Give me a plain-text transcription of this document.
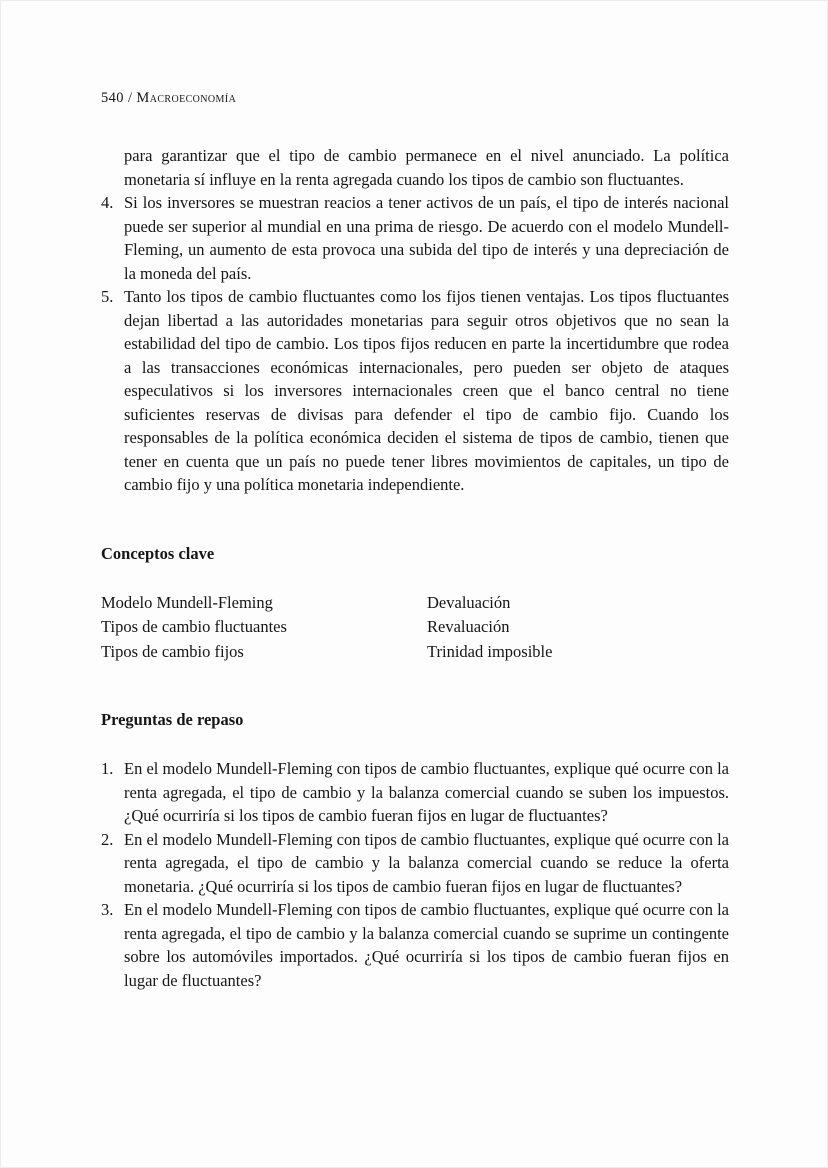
540 / Macroeconomía

para garantizar que el tipo de cambio permanece en el nivel anunciado. La política monetaria sí influye en la renta agregada cuando los tipos de cambio son fluctuantes.

4. Si los inversores se muestran reacios a tener activos de un país, el tipo de interés nacional puede ser superior al mundial en una prima de riesgo. De acuerdo con el modelo Mundell-Fleming, un aumento de esta provoca una subida del tipo de interés y una depreciación de la moneda del país.

5. Tanto los tipos de cambio fluctuantes como los fijos tienen ventajas. Los tipos fluctuantes dejan libertad a las autoridades monetarias para seguir otros objetivos que no sean la estabilidad del tipo de cambio. Los tipos fijos reducen en parte la incertidumbre que rodea a las transacciones económicas internacionales, pero pueden ser objeto de ataques especulativos si los inversores internacionales creen que el banco central no tiene suficientes reservas de divisas para defender el tipo de cambio fijo. Cuando los responsables de la política económica deciden el sistema de tipos de cambio, tienen que tener en cuenta que un país no puede tener libres movimientos de capitales, un tipo de cambio fijo y una política monetaria independiente.

Conceptos clave
Modelo Mundell-Fleming	Devaluación
Tipos de cambio fluctuantes	Revaluación
Tipos de cambio fijos	Trinidad imposible
Preguntas de repaso
1. En el modelo Mundell-Fleming con tipos de cambio fluctuantes, explique qué ocurre con la renta agregada, el tipo de cambio y la balanza comercial cuando se suben los impuestos. ¿Qué ocurriría si los tipos de cambio fueran fijos en lugar de fluctuantes?

2. En el modelo Mundell-Fleming con tipos de cambio fluctuantes, explique qué ocurre con la renta agregada, el tipo de cambio y la balanza comercial cuando se reduce la oferta monetaria. ¿Qué ocurriría si los tipos de cambio fueran fijos en lugar de fluctuantes?

3. En el modelo Mundell-Fleming con tipos de cambio fluctuantes, explique qué ocurre con la renta agregada, el tipo de cambio y la balanza comercial cuando se suprime un contingente sobre los automóviles importados. ¿Qué ocurriría si los tipos de cambio fueran fijos en lugar de fluctuantes?
